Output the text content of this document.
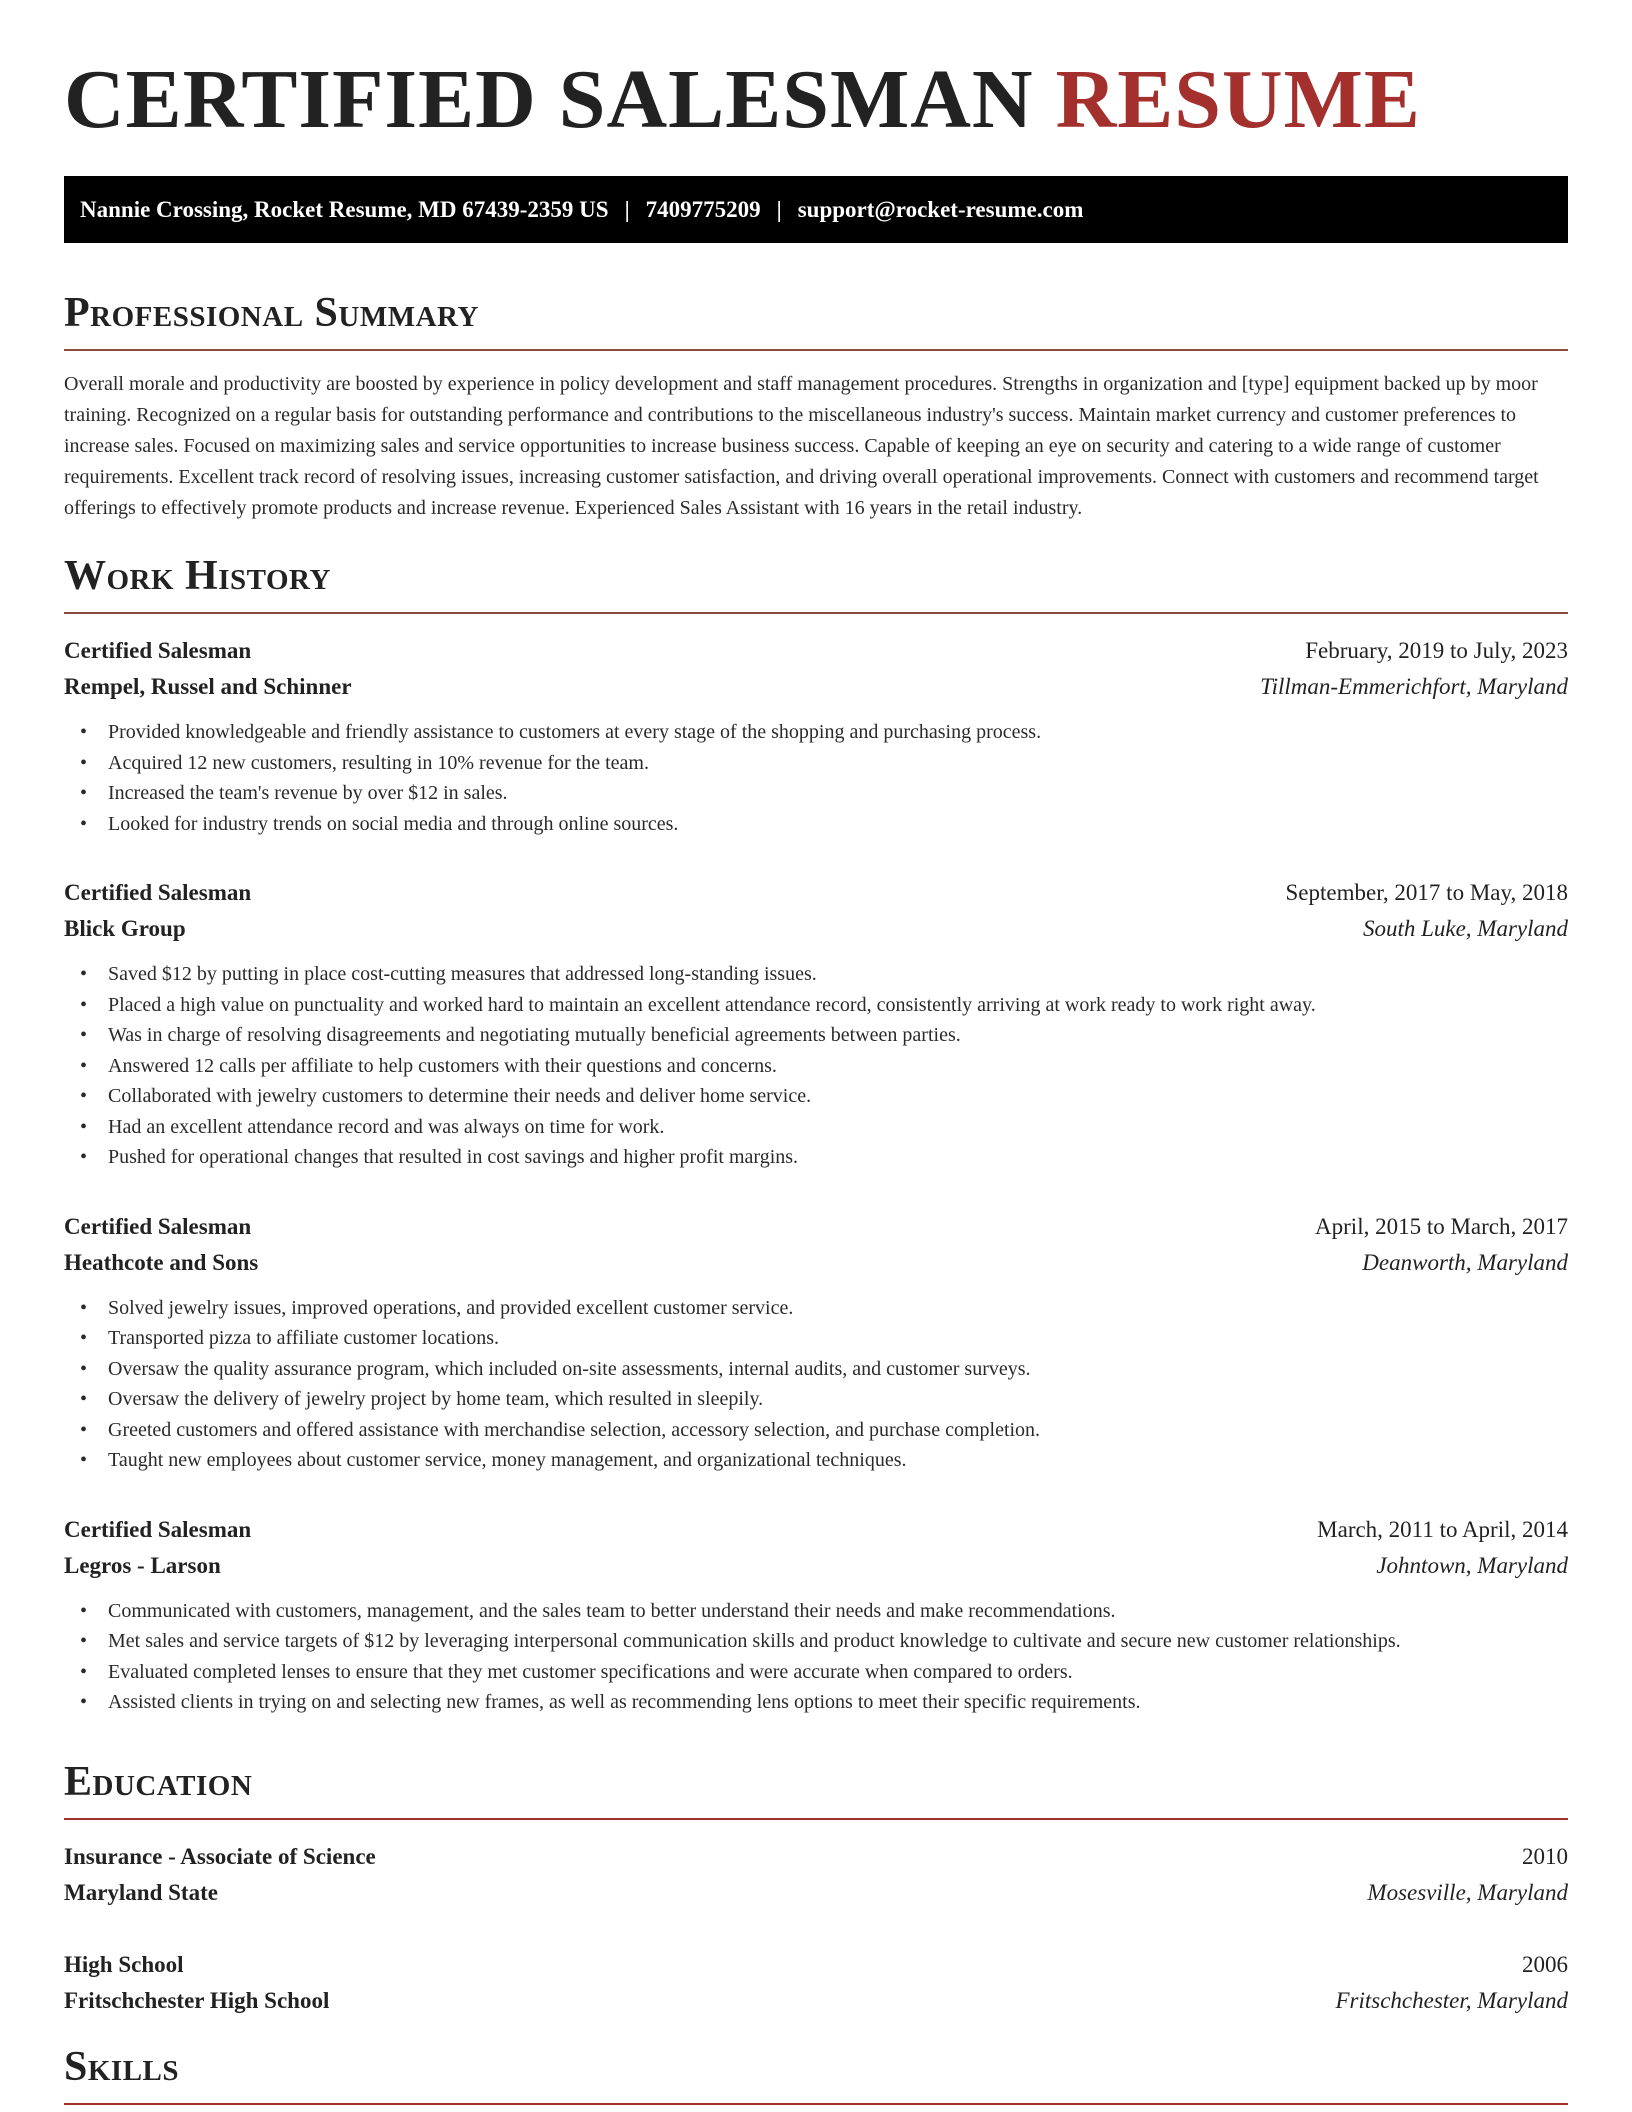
CERTIFIED SALESMAN RESUME
Nannie Crossing, Rocket Resume, MD 67439-2359 US | 7409775209 | support@rocket-resume.com
Professional Summary

Overall morale and productivity are boosted by experience in policy development and staff management procedures. Strengths in organization and [type] equipment backed up by moor training. Recognized on a regular basis for outstanding performance and contributions to the miscellaneous industry's success. Maintain market currency and customer preferences to increase sales. Focused on maximizing sales and service opportunities to increase business success. Capable of keeping an eye on security and catering to a wide range of customer requirements. Excellent track record of resolving issues, increasing customer satisfaction, and driving overall operational improvements. Connect with customers and recommend target offerings to effectively promote products and increase revenue. Experienced Sales Assistant with 16 years in the retail industry.

Work History
Certified Salesman	February, 2019 to July, 2023
Rempel, Russel and Schinner	Tillman-Emmerichfort, Maryland
• Provided knowledgeable and friendly assistance to customers at every stage of the shopping and purchasing process.
• Acquired 12 new customers, resulting in 10% revenue for the team.
• Increased the team's revenue by over $12 in sales.
• Looked for industry trends on social media and through online sources.
Certified Salesman	September, 2017 to May, 2018
Blick Group	South Luke, Maryland
• Saved $12 by putting in place cost-cutting measures that addressed long-standing issues.
• Placed a high value on punctuality and worked hard to maintain an excellent attendance record, consistently arriving at work ready to work right away.
• Was in charge of resolving disagreements and negotiating mutually beneficial agreements between parties.
• Answered 12 calls per affiliate to help customers with their questions and concerns.
• Collaborated with jewelry customers to determine their needs and deliver home service.
• Had an excellent attendance record and was always on time for work.
• Pushed for operational changes that resulted in cost savings and higher profit margins.
Certified Salesman	April, 2015 to March, 2017
Heathcote and Sons	Deanworth, Maryland
• Solved jewelry issues, improved operations, and provided excellent customer service.
• Transported pizza to affiliate customer locations.
• Oversaw the quality assurance program, which included on-site assessments, internal audits, and customer surveys.
• Oversaw the delivery of jewelry project by home team, which resulted in sleepily.
• Greeted customers and offered assistance with merchandise selection, accessory selection, and purchase completion.
• Taught new employees about customer service, money management, and organizational techniques.
Certified Salesman	March, 2011 to April, 2014
Legros - Larson	Johntown, Maryland
• Communicated with customers, management, and the sales team to better understand their needs and make recommendations.
• Met sales and service targets of $12 by leveraging interpersonal communication skills and product knowledge to cultivate and secure new customer relationships.
• Evaluated completed lenses to ensure that they met customer specifications and were accurate when compared to orders.
• Assisted clients in trying on and selecting new frames, as well as recommending lens options to meet their specific requirements.
Education
Insurance - Associate of Science	2010
Maryland State	Mosesville, Maryland
High School	2006
Fritschchester High School	Fritschchester, Maryland
Skills
